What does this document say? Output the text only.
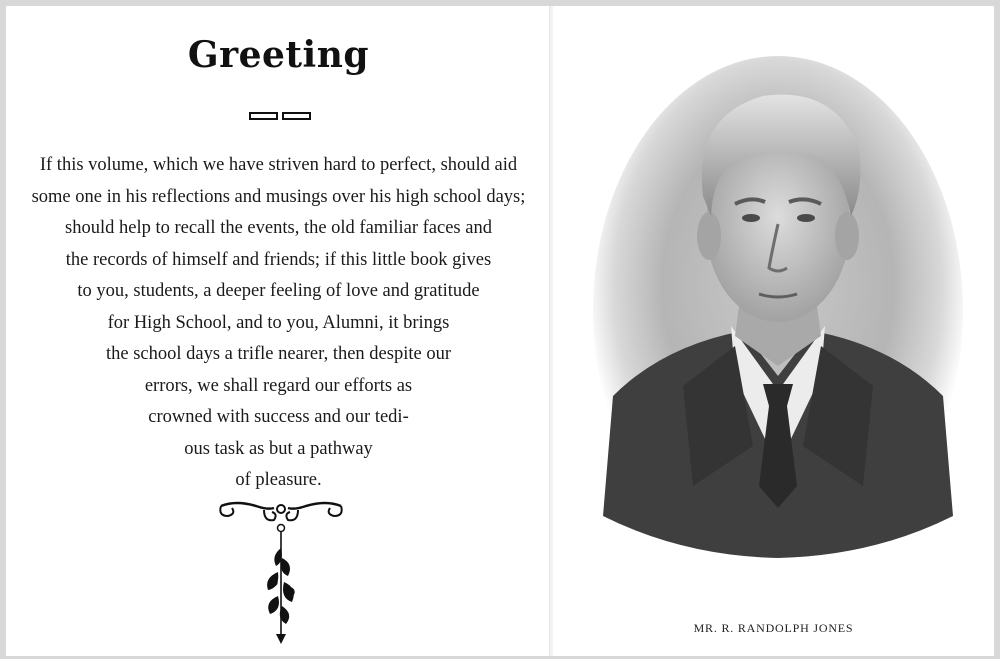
Greeting
If this volume, which we have striven hard to perfect, should aid
some one in his reflections and musings over his high school days;
should help to recall the events, the old familiar faces and
the records of himself and friends; if this little book gives
to you, students, a deeper feeling of love and gratitude
for High School, and to you, Alumni, it brings
the school days a trifle nearer, then despite our
errors, we shall regard our efforts as
crowned with success and our tedi-
ous task as but a pathway
of pleasure.

MR. R. RANDOLPH JONES
